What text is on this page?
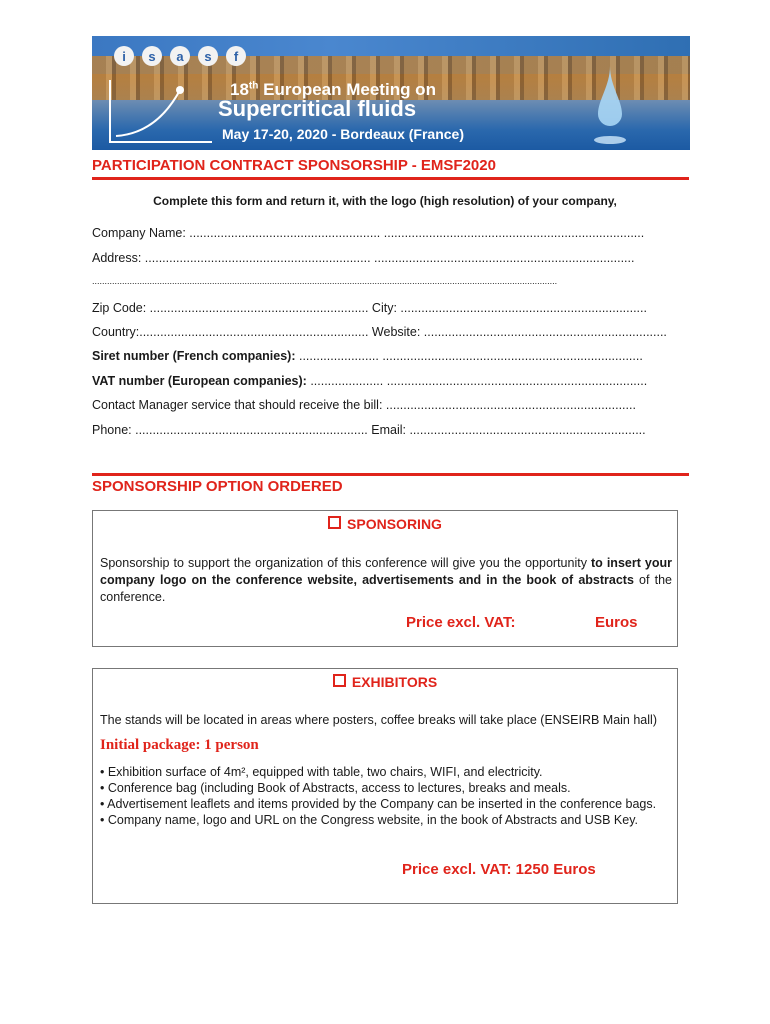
i	s	a	s	f
18th European Meeting on
Supercritical fluids
May 17-20, 2020 - Bordeaux (France)
PARTICIPATION CONTRACT SPONSORSHIP - EMSF2020
Complete this form and return it, with the logo (high resolution) of your company,
Company Name: ....................................................... ...........................................................................
Address: ................................................................. ...........................................................................
..........................................................................................................................................................................................
Zip Code: ............................................................... City: .......................................................................
Country:.................................................................. Website: ......................................................................
Siret number (French companies): ....................... ...........................................................................
VAT number (European companies): ..................... ...........................................................................
Contact Manager service that should receive the bill: ........................................................................
Phone: ................................................................... Email: ....................................................................
SPONSORSHIP OPTION ORDERED
SPONSORING
Sponsorship to support the organization of this conference will give you the opportunity to insert your company logo on the conference website, advertisements and in the book of abstracts of the conference.
Price excl. VAT:	Euros
EXHIBITORS
The stands will be located in areas where posters, coffee breaks will take place (ENSEIRB Main hall)
Initial package: 1 person
• Exhibition surface of 4m², equipped with table, two chairs, WIFI, and electricity.
• Conference bag (including Book of Abstracts, access to lectures, breaks and meals.
• Advertisement leaflets and items provided by the Company can be inserted in the conference bags.
• Company name, logo and URL on the Congress website, in the book of Abstracts and USB Key.
Price excl. VAT: 1250 Euros
